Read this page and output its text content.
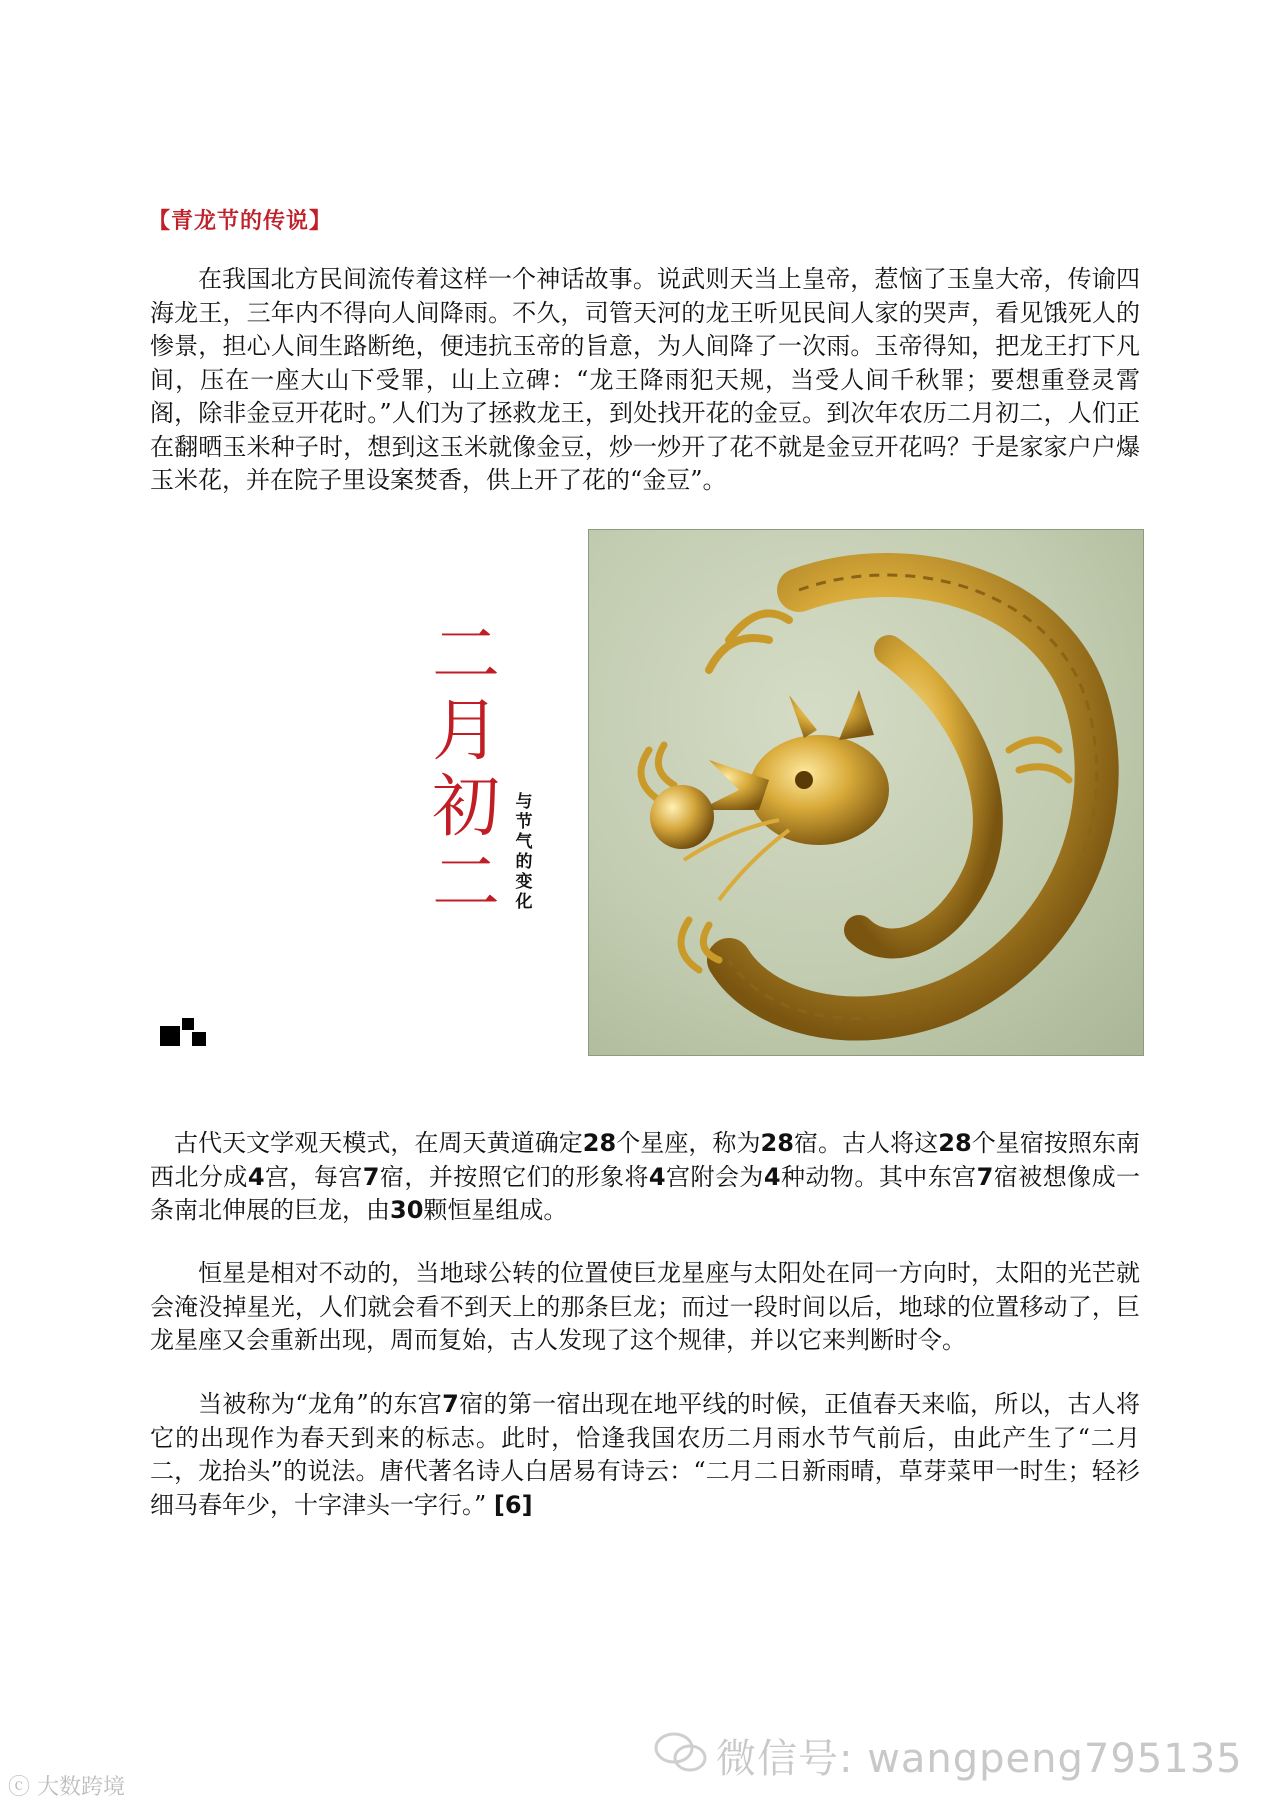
【青龙节的传说】

在我国北方民间流传着这样一个神话故事。说武则天当上皇帝，惹恼了玉皇大帝，传谕四海龙王，三年内不得向人间降雨。不久，司管天河的龙王听见民间人家的哭声，看见饿死人的惨景，担心人间生路断绝，便违抗玉帝的旨意，为人间降了一次雨。玉帝得知，把龙王打下凡间，压在一座大山下受罪，山上立碑：“龙王降雨犯天规，当受人间千秋罪；要想重登灵霄阁，除非金豆开花时。”人们为了拯救龙王，到处找开花的金豆。到次年农历二月初二，人们正在翻晒玉米种子时，想到这玉米就像金豆，炒一炒开了花不就是金豆开花吗？于是家家户户爆玉米花，并在院子里设案焚香，供上开了花的“金豆”。

二月初二
与节气的变化

古代天文学观天模式，在周天黄道确定28个星座，称为28宿。古人将这28个星宿按照东南西北分成4宫，每宫7宿，并按照它们的形象将4宫附会为4种动物。其中东宫7宿被想像成一条南北伸展的巨龙，由30颗恒星组成。

恒星是相对不动的，当地球公转的位置使巨龙星座与太阳处在同一方向时，太阳的光芒就会淹没掉星光，人们就会看不到天上的那条巨龙；而过一段时间以后，地球的位置移动了，巨龙星座又会重新出现，周而复始，古人发现了这个规律，并以它来判断时令。

当被称为“龙角”的东宫7宿的第一宿出现在地平线的时候，正值春天来临，所以，古人将它的出现作为春天到来的标志。此时，恰逢我国农历二月雨水节气前后，由此产生了“二月二，龙抬头”的说法。唐代著名诗人白居易有诗云：“二月二日新雨晴，草芽菜甲一时生；轻衫细马春年少，十字津头一字行。” [6]

微信号: wangpeng795135
ⓒ 大数跨境
